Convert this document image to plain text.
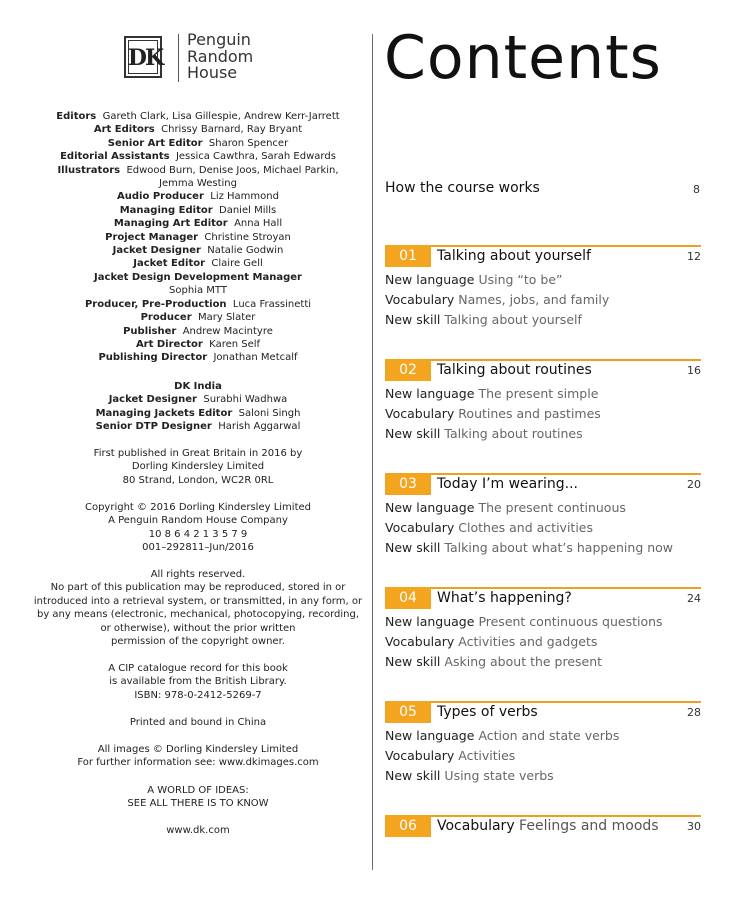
DK
Penguin
Random
House
Editors  Gareth Clark, Lisa Gillespie, Andrew Kerr-Jarrett
Art Editors  Chrissy Barnard, Ray Bryant
Senior Art Editor  Sharon Spencer
Editorial Assistants  Jessica Cawthra, Sarah Edwards
Illustrators  Edwood Burn, Denise Joos, Michael Parkin,
Jemma Westing
Audio Producer  Liz Hammond
Managing Editor  Daniel Mills
Managing Art Editor  Anna Hall
Project Manager  Christine Stroyan
Jacket Designer  Natalie Godwin
Jacket Editor  Claire Gell
Jacket Design Development Manager
Sophia MTT
Producer, Pre-Production  Luca Frassinetti
Producer  Mary Slater
Publisher  Andrew Macintyre
Art Director  Karen Self
Publishing Director  Jonathan Metcalf
DK India
Jacket Designer  Surabhi Wadhwa
Managing Jackets Editor  Saloni Singh
Senior DTP Designer  Harish Aggarwal
First published in Great Britain in 2016 by
Dorling Kindersley Limited
80 Strand, London, WC2R 0RL
Copyright © 2016 Dorling Kindersley Limited
A Penguin Random House Company
10 8 6 4 2 1 3 5 7 9
001–292811–Jun/2016
All rights reserved.
No part of this publication may be reproduced, stored in or
introduced into a retrieval system, or transmitted, in any form, or
by any means (electronic, mechanical, photocopying, recording,
or otherwise), without the prior written
permission of the copyright owner.
A CIP catalogue record for this book
is available from the British Library.
ISBN: 978-0-2412-5269-7
Printed and bound in China
All images © Dorling Kindersley Limited
For further information see: www.dkimages.com
A WORLD OF IDEAS:
SEE ALL THERE IS TO KNOW
www.dk.com
Contents
How the course works	8
01	Talking about yourself	12
New language Using “to be”
Vocabulary Names, jobs, and family
New skill Talking about yourself
02	Talking about routines	16
New language The present simple
Vocabulary Routines and pastimes
New skill Talking about routines
03	Today I’m wearing...	20
New language The present continuous
Vocabulary Clothes and activities
New skill Talking about what’s happening now
04	What’s happening?	24
New language Present continuous questions
Vocabulary Activities and gadgets
New skill Asking about the present
05	Types of verbs	28
New language Action and state verbs
Vocabulary Activities
New skill Using state verbs
06	Vocabulary Feelings and moods	30
